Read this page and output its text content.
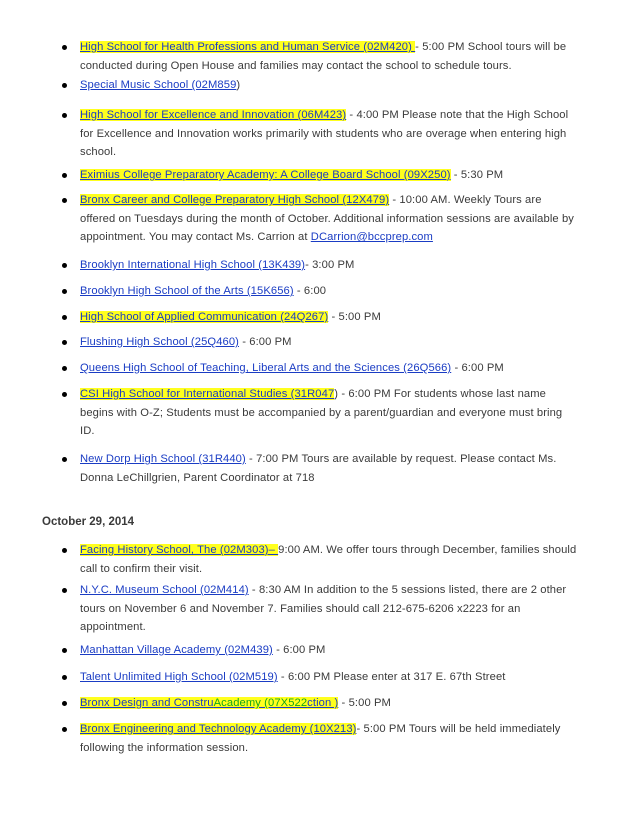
High School for Health Professions and Human Service (02M420) - 5:00 PM School tours will be conducted during Open House and families may contact the school to schedule tours.
Special Music School (02M859)
High School for Excellence and Innovation (06M423) - 4:00 PM Please note that the High School for Excellence and Innovation works primarily with students who are overage when entering high school.
Eximius College Preparatory Academy: A College Board School (09X250) - 5:30 PM
Bronx Career and College Preparatory High School (12X479) - 10:00 AM. Weekly Tours are offered on Tuesdays during the month of October. Additional information sessions are available by appointment. You may contact Ms. Carrion at DCarrion@bccprep.com
Brooklyn International High School (13K439)- 3:00 PM
Brooklyn High School of the Arts (15K656) - 6:00
High School of Applied Communication (24Q267) - 5:00 PM
Flushing High School (25Q460) - 6:00 PM
Queens High School of Teaching, Liberal Arts and the Sciences (26Q566) - 6:00 PM
CSI High School for International Studies (31R047) - 6:00 PM For students whose last name begins with O-Z; Students must be accompanied by a parent/guardian and everyone must bring ID.
New Dorp High School (31R440) - 7:00 PM Tours are available by request. Please contact Ms. Donna LeChillgrien, Parent Coordinator at 718
October 29, 2014
Facing History School, The (02M303)– 9:00 AM. We offer tours through December, families should call to confirm their visit.
N.Y.C. Museum School (02M414) - 8:30 AM In addition to the 5 sessions listed, there are 2 other tours on November 6 and November 7. Families should call 212-675-6206 x2223 for an appointment.
Manhattan Village Academy (02M439) - 6:00 PM
Talent Unlimited High School (02M519) - 6:00 PM Please enter at 317 E. 67th Street
Bronx Design and ConstruAcademy (07X522ction ) - 5:00 PM
Bronx Engineering and Technology Academy (10X213)- 5:00 PM Tours will be held immediately following the information session.
